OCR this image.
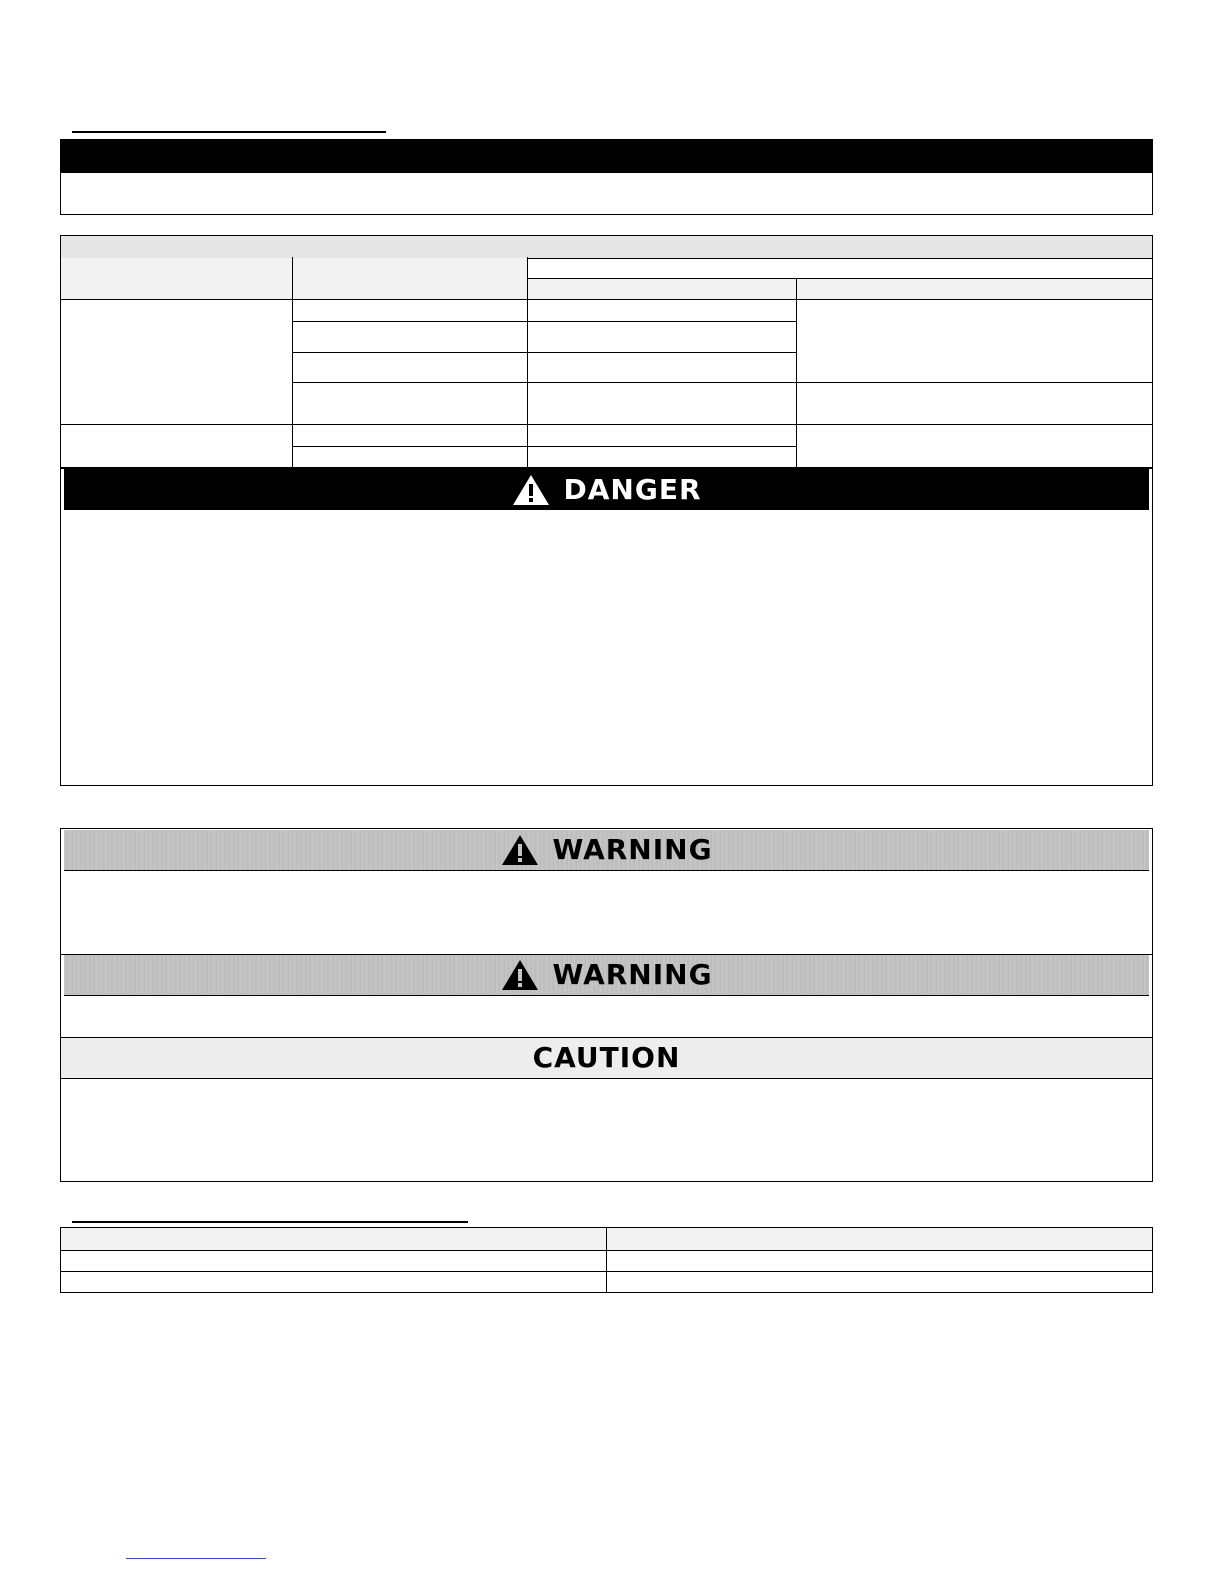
DANGER
WARNING
WARNING
CAUTION
